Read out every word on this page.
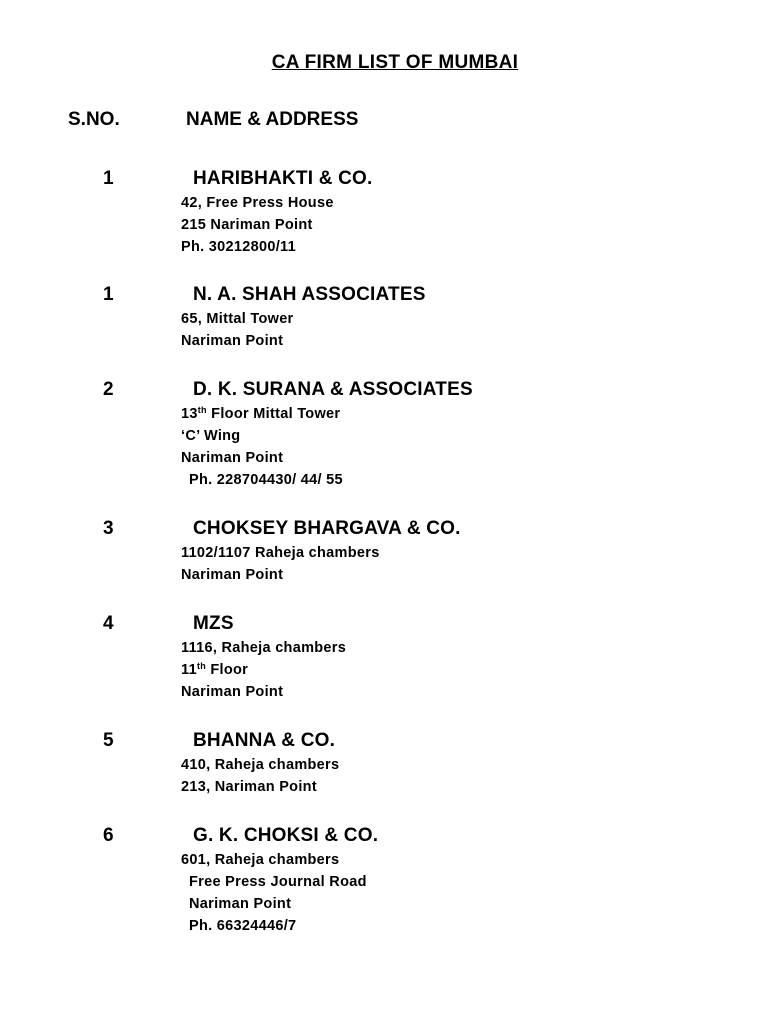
CA FIRM LIST OF MUMBAI
S.NO.	NAME & ADDRESS
1	HARIBHAKTI & CO.
42, Free Press House
215 Nariman Point
Ph. 30212800/11
1	N. A. SHAH ASSOCIATES
65, Mittal Tower
Nariman Point
2	D. K. SURANA & ASSOCIATES
13th Floor Mittal Tower
‘C’ Wing
Nariman Point
Ph. 228704430/ 44/ 55
3	CHOKSEY BHARGAVA & CO.
1102/1107 Raheja chambers
Nariman Point
4	MZS
1116, Raheja chambers
11th Floor
Nariman Point
5	BHANNA & CO.
410, Raheja chambers
213, Nariman Point
6	G. K. CHOKSI & CO.
601, Raheja chambers
Free Press Journal Road
Nariman Point
Ph. 66324446/7
